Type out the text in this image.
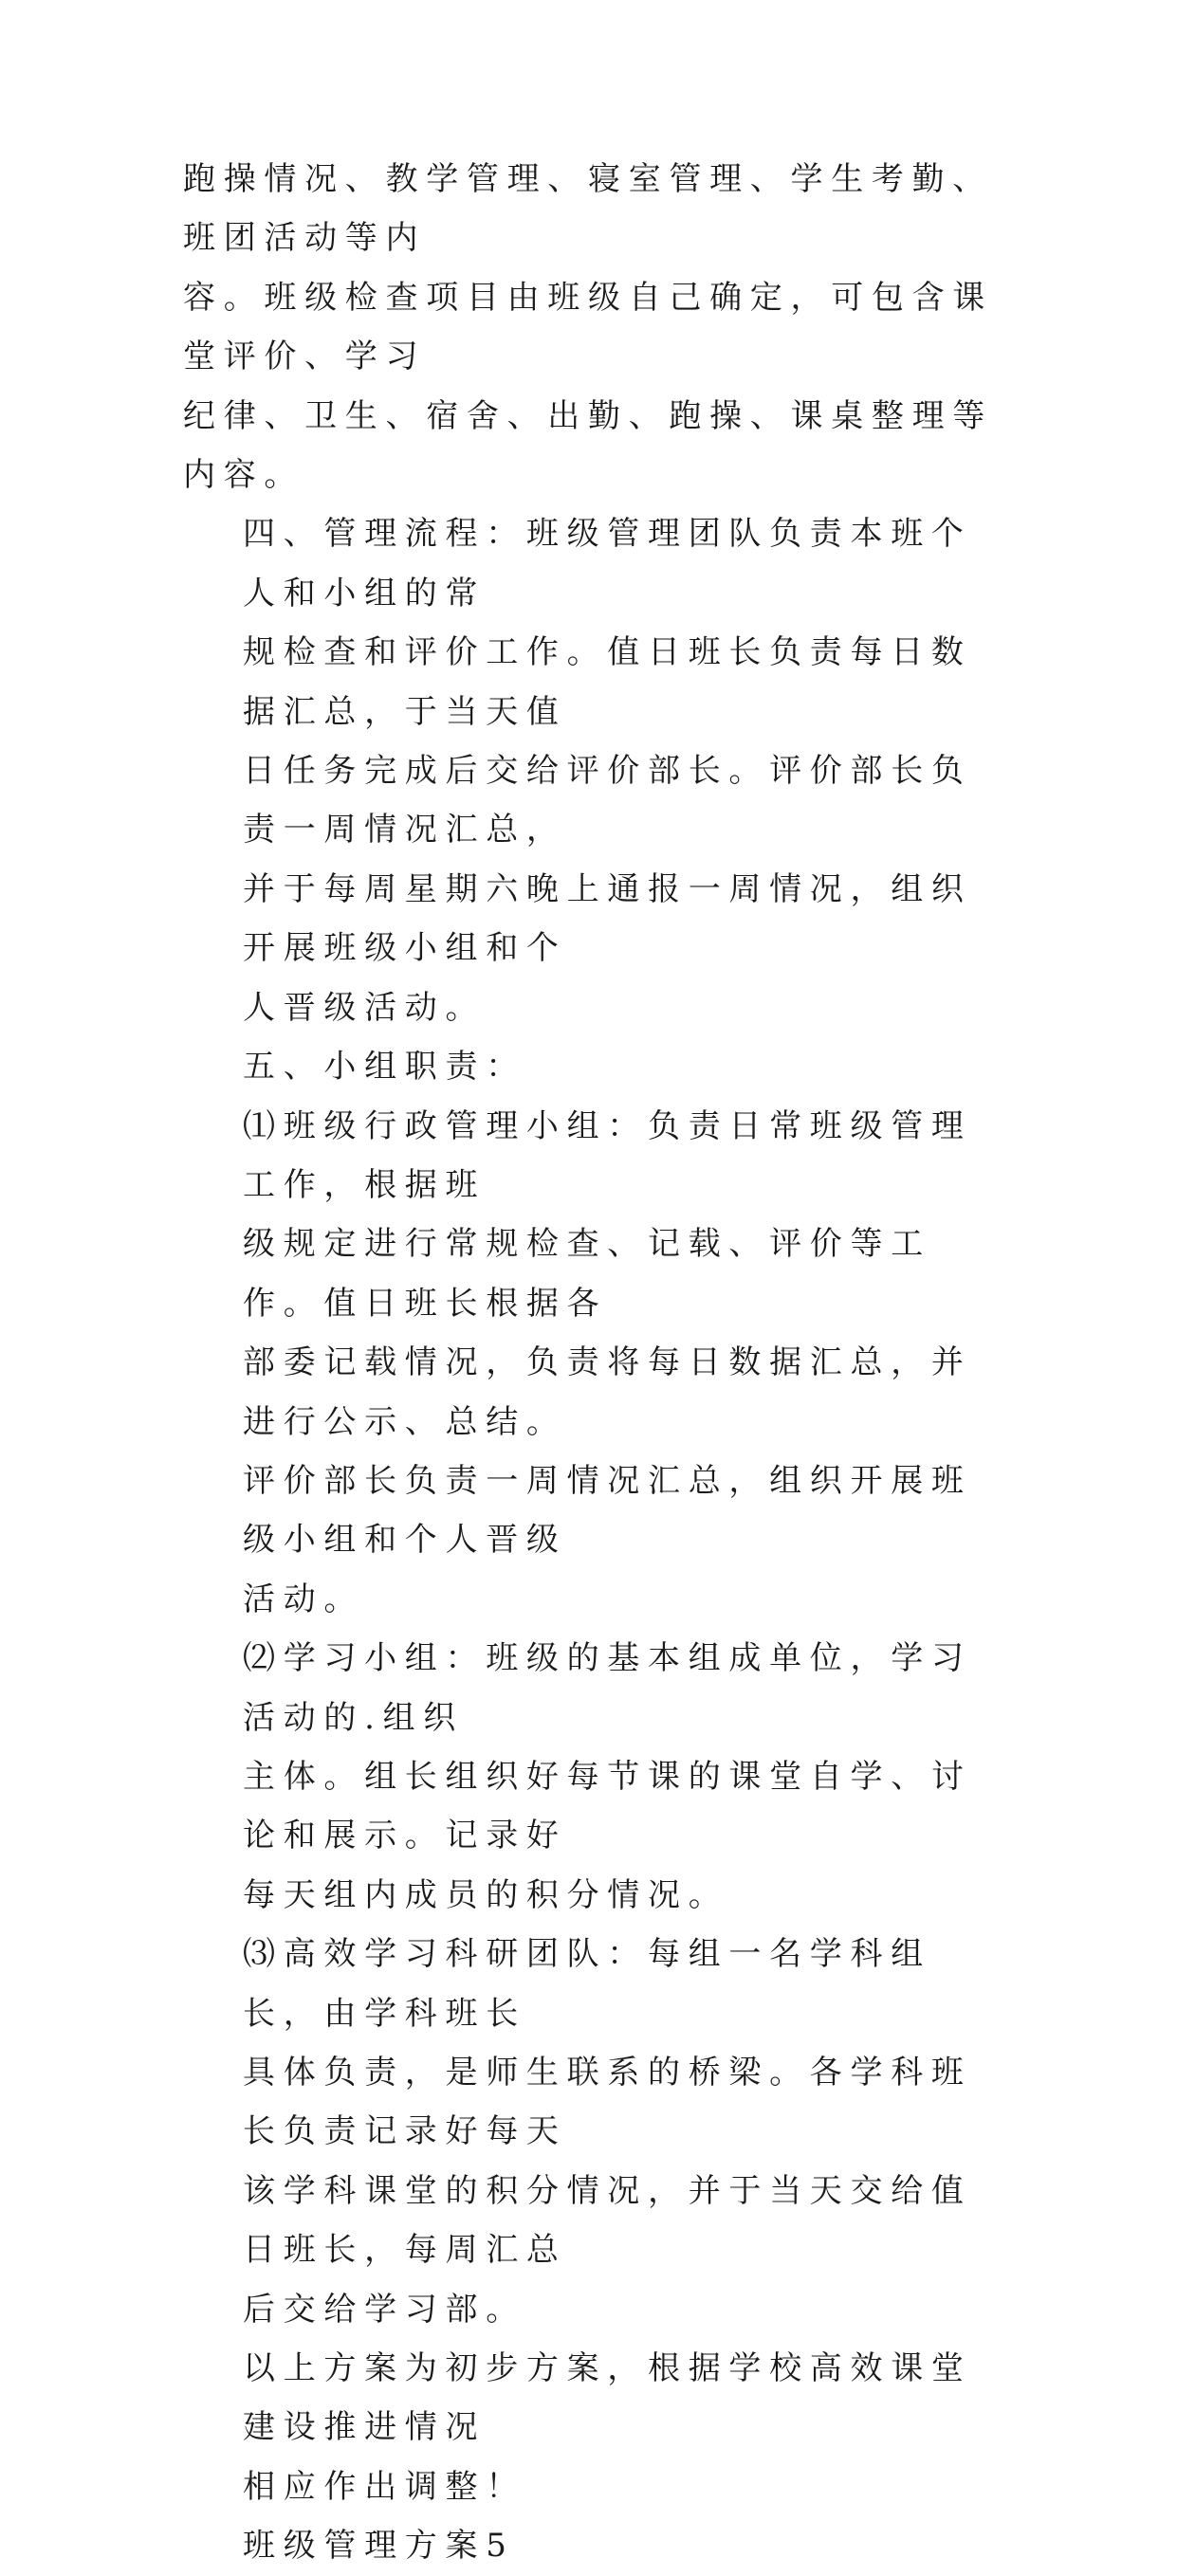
跑操情况、教学管理、寝室管理、学生考勤、班团活动等内
容。班级检查项目由班级自己确定，可包含课堂评价、学习
纪律、卫生、宿舍、出勤、跑操、课桌整理等内容。

四、管理流程：班级管理团队负责本班个人和小组的常
规检查和评价工作。值日班长负责每日数据汇总，于当天值
日任务完成后交给评价部长。评价部长负责一周情况汇总，
并于每周星期六晚上通报一周情况，组织开展班级小组和个
人晋级活动。

五、小组职责：

⑴班级行政管理小组：负责日常班级管理工作，根据班
级规定进行常规检查、记载、评价等工作。值日班长根据各
部委记载情况，负责将每日数据汇总，并进行公示、总结。
评价部长负责一周情况汇总，组织开展班级小组和个人晋级
活动。

⑵学习小组：班级的基本组成单位，学习活动的.组织
主体。组长组织好每节课的课堂自学、讨论和展示。记录好
每天组内成员的积分情况。

⑶高效学习科研团队：每组一名学科组长，由学科班长
具体负责，是师生联系的桥梁。各学科班长负责记录好每天
该学科课堂的积分情况，并于当天交给值日班长，每周汇总
后交给学习部。

以上方案为初步方案，根据学校高效课堂建设推进情况
相应作出调整！

班级管理方案5
